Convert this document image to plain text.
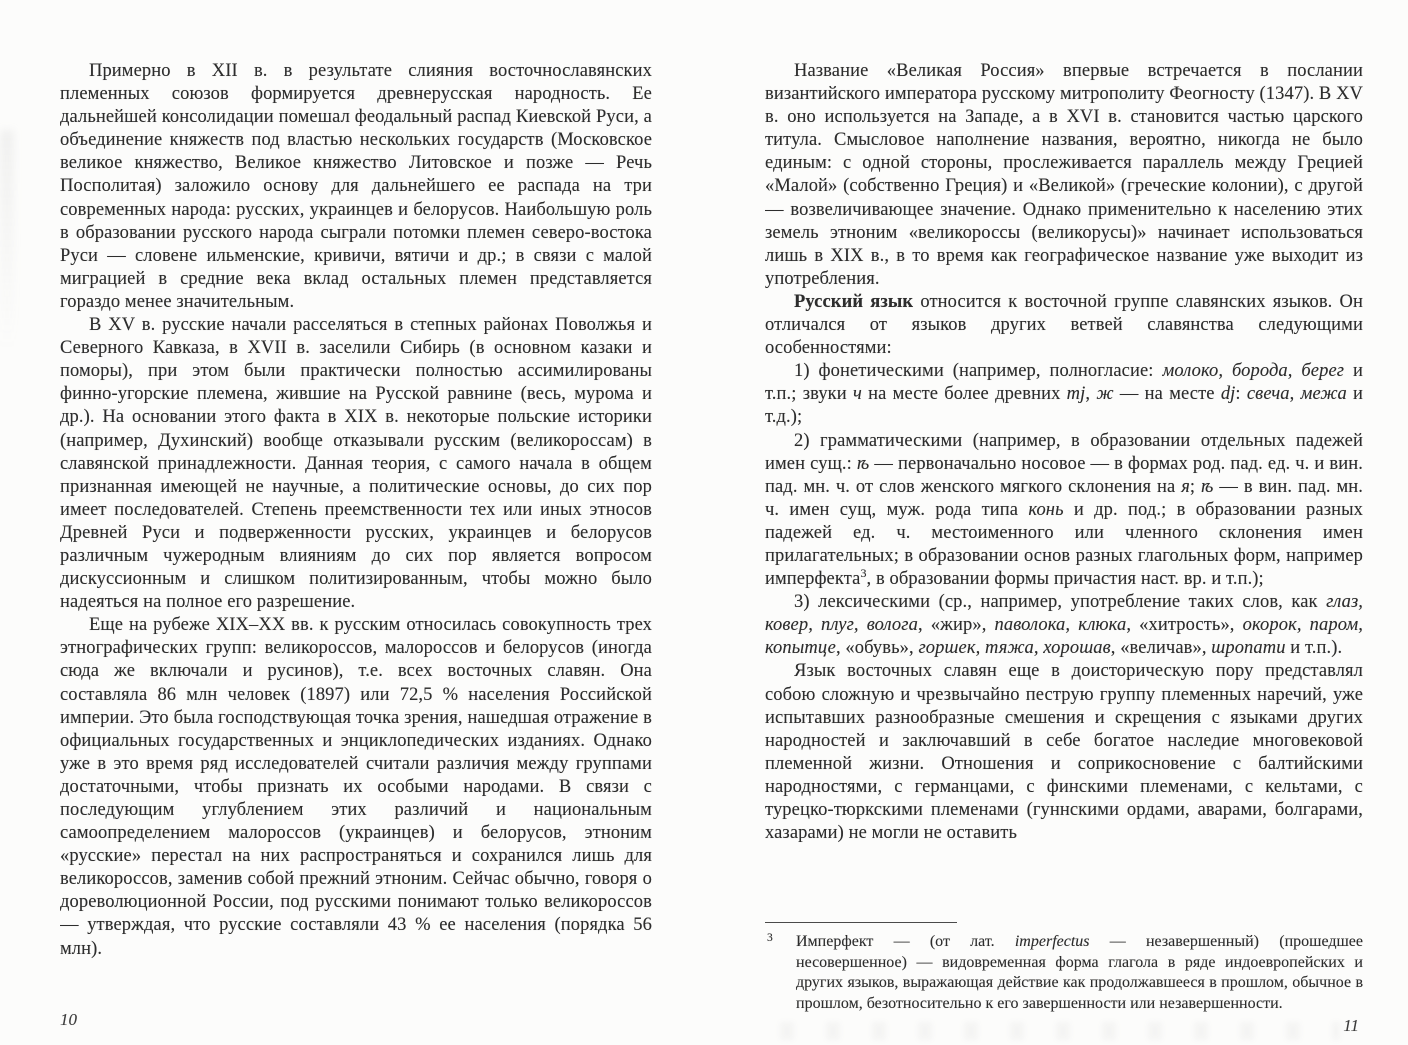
Примерно в XII в. в результате слияния восточнославянских племенных союзов формируется древнерусская народность. Ее дальнейшей консолидации помешал феодальный распад Киевской Руси, а объединение княжеств под властью нескольких государств (Московское великое княжество, Великое княжество Литовское и позже — Речь Посполитая) заложило основу для дальнейшего ее распада на три современных народа: русских, украинцев и белорусов. Наибольшую роль в образовании русского народа сыграли потомки племен северо-востока Руси — словене ильменские, кривичи, вятичи и др.; в связи с малой миграцией в средние века вклад остальных племен представляется гораздо менее значительным.

В XV в. русские начали расселяться в степных районах Поволжья и Северного Кавказа, в XVII в. заселили Сибирь (в основном казаки и поморы), при этом были практически полностью ассимилированы финно-угорские племена, жившие на Русской равнине (весь, мурома и др.). На основании этого факта в XIX в. некоторые польские историки (например, Духинский) вообще отказывали русским (великороссам) в славянской принадлежности. Данная теория, с самого начала в общем признанная имеющей не научные, а политические основы, до сих пор имеет последователей. Степень преемственности тех или иных этносов Древней Руси и подверженности русских, украинцев и белорусов различным чужеродным влияниям до сих пор является вопросом дискуссионным и слишком политизированным, чтобы можно было надеяться на полное его разрешение.

Еще на рубеже XIX–XX вв. к русским относилась совокупность трех этнографических групп: великороссов, малороссов и белорусов (иногда сюда же включали и русинов), т.е. всех восточных славян. Она составляла 86 млн человек (1897) или 72,5 % населения Российской империи. Это была господствующая точка зрения, нашедшая отражение в официальных государственных и энциклопедических изданиях. Однако уже в это время ряд исследователей считали различия между группами достаточными, чтобы признать их особыми народами. В связи с последующим углублением этих различий и национальным самоопределением малороссов (украинцев) и белорусов, этноним «русские» перестал на них распространяться и сохранился лишь для великороссов, заменив собой прежний этноним. Сейчас обычно, говоря о дореволюционной России, под русскими понимают только великороссов — утверждая, что русские составляли 43 % ее населения (порядка 56 млн).

10

Название «Великая Россия» впервые встречается в послании византийского императора русскому митрополиту Феогносту (1347). В XV в. оно используется на Западе, а в XVI в. становится частью царского титула. Смысловое наполнение названия, вероятно, никогда не было единым: с одной стороны, прослеживается параллель между Грецией «Малой» (собственно Греция) и «Великой» (греческие колонии), с другой — возвеличивающее значение. Однако применительно к населению этих земель этноним «великороссы (великорусы)» начинает использоваться лишь в XIX в., в то время как географическое название уже выходит из употребления.

Русский язык относится к восточной группе славянских языков. Он отличался от языков других ветвей славянства следующими особенностями:

1) фонетическими (например, полногласие: молоко, борода, берег и т.п.; звуки ч на месте более древних тj, ж — на месте dj: свеча, межа и т.д.);

2) грамматическими (например, в образовании отдельных падежей имен сущ.: ѣ — первоначально носовое — в формах род. пад. ед. ч. и вин. пад. мн. ч. от слов женского мягкого склонения на я; ѣ — в вин. пад. мн. ч. имен сущ, муж. рода типа конь и др. под.; в образовании разных падежей ед. ч. местоименного или членного склонения имен прилагательных; в образовании основ разных глагольных форм, например имперфекта$^3$, в образовании формы причастия наст. вр. и т.п.);

3) лексическими (ср., например, употребление таких слов, как глаз, ковер, плуг, волога, «жир», паволока, клюка, «хитрость», окорок, паром, копытце, «обувь», горшек, тяжа, хорошав, «величав», шропати и т.п.).

Язык восточных славян еще в доисторическую пору представлял собою сложную и чрезвычайно пеструю группу племенных наречий, уже испытавших разнообразные смешения и скрещения с языками других народностей и заключавший в себе богатое наследие многовековой племенной жизни. Отношения и соприкосновение с балтийскими народностями, с германцами, с финскими племенами, с кельтами, с турецко-тюркскими племенами (гуннскими ордами, аварами, болгарами, хазарами) не могли не оставить

3 Имперфект — (от лат. imperfectus — незавершенный) (прошедшее несовершенное) — видовременная форма глагола в ряде индоевропейских и других языков, выражающая действие как продолжавшееся в прошлом, обычное в прошлом, безотносительно к его завершенности или незавершенности.
11
